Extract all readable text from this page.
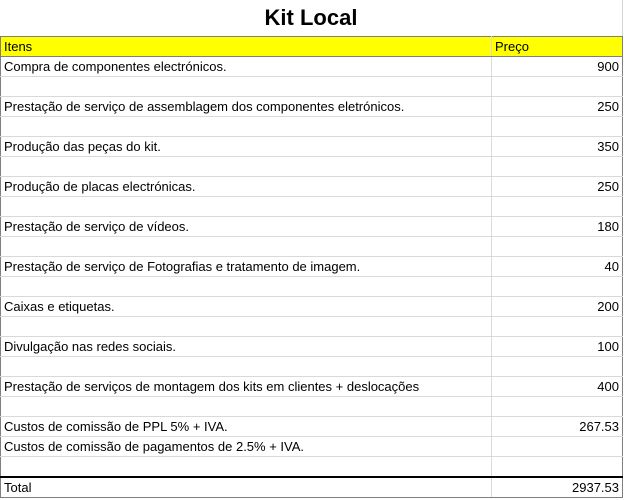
Kit Local
Itens	Preço
Compra de componentes electrónicos.	900

Prestação de serviço de assemblagem dos componentes eletrónicos.	250

Produção das peças do kit.	350

Produção de placas electrónicas.	250

Prestação de serviço de vídeos.	180

Prestação de serviço de Fotografias e tratamento de imagem.	40

Caixas e etiquetas.	200

Divulgação nas redes sociais.	100

Prestação de serviços de montagem dos kits em clientes + deslocações	400

Custos de comissão de PPL 5% + IVA.	267.53
Custos de comissão de pagamentos de 2.5% + IVA.	

Total	2937.53
